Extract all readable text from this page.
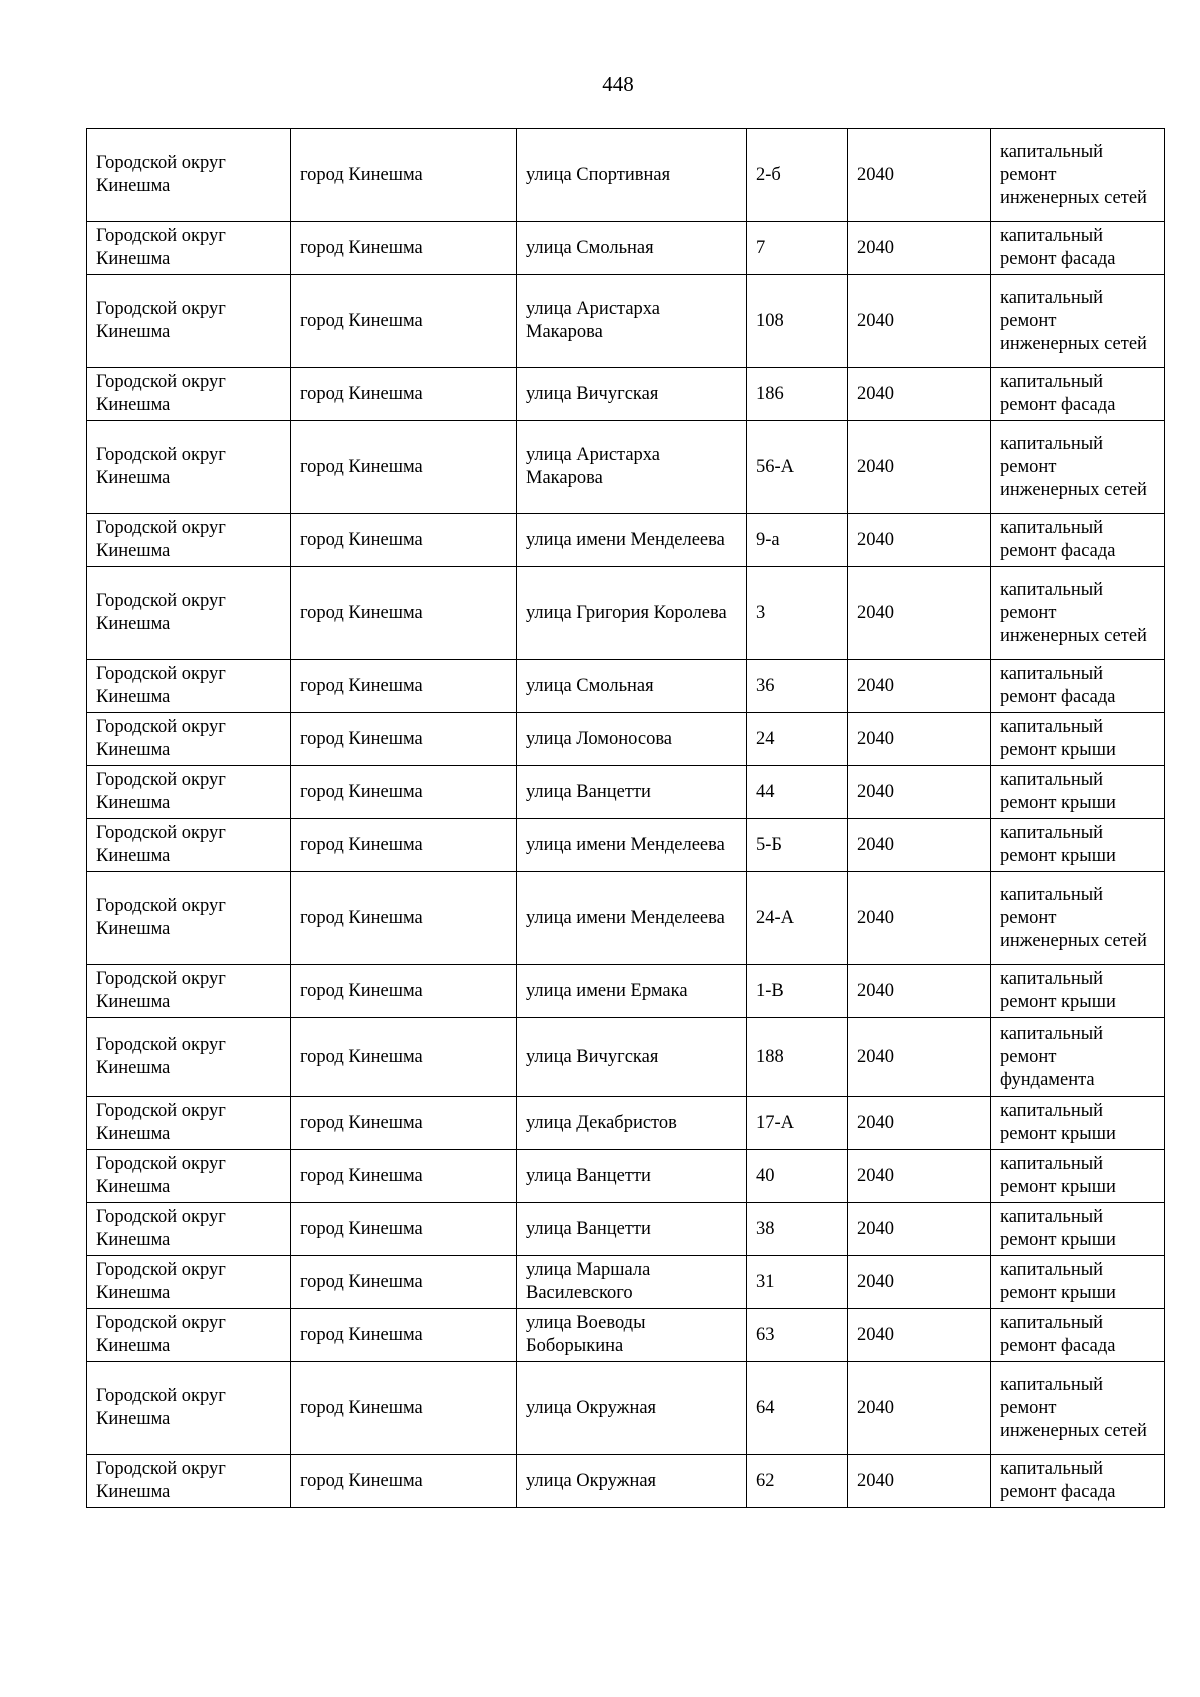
448
Городской округ Кинешма	город Кинешма	улица Спортивная	2-б	2040	капитальный ремонт инженерных сетей
Городской округ Кинешма	город Кинешма	улица Смольная	7	2040	капитальный ремонт фасада
Городской округ Кинешма	город Кинешма	улица Аристарха Макарова	108	2040	капитальный ремонт инженерных сетей
Городской округ Кинешма	город Кинешма	улица Вичугская	186	2040	капитальный ремонт фасада
Городской округ Кинешма	город Кинешма	улица Аристарха Макарова	56-А	2040	капитальный ремонт инженерных сетей
Городской округ Кинешма	город Кинешма	улица имени Менделеева	9-а	2040	капитальный ремонт фасада
Городской округ Кинешма	город Кинешма	улица Григория Королева	3	2040	капитальный ремонт инженерных сетей
Городской округ Кинешма	город Кинешма	улица Смольная	36	2040	капитальный ремонт фасада
Городской округ Кинешма	город Кинешма	улица Ломоносова	24	2040	капитальный ремонт крыши
Городской округ Кинешма	город Кинешма	улица Ванцетти	44	2040	капитальный ремонт крыши
Городской округ Кинешма	город Кинешма	улица имени Менделеева	5-Б	2040	капитальный ремонт крыши
Городской округ Кинешма	город Кинешма	улица имени Менделеева	24-А	2040	капитальный ремонт инженерных сетей
Городской округ Кинешма	город Кинешма	улица имени Ермака	1-В	2040	капитальный ремонт крыши
Городской округ Кинешма	город Кинешма	улица Вичугская	188	2040	капитальный ремонт фундамента
Городской округ Кинешма	город Кинешма	улица Декабристов	17-А	2040	капитальный ремонт крыши
Городской округ Кинешма	город Кинешма	улица Ванцетти	40	2040	капитальный ремонт крыши
Городской округ Кинешма	город Кинешма	улица Ванцетти	38	2040	капитальный ремонт крыши
Городской округ Кинешма	город Кинешма	улица Маршала Василевского	31	2040	капитальный ремонт крыши
Городской округ Кинешма	город Кинешма	улица Воеводы Боборыкина	63	2040	капитальный ремонт фасада
Городской округ Кинешма	город Кинешма	улица Окружная	64	2040	капитальный ремонт инженерных сетей
Городской округ Кинешма	город Кинешма	улица Окружная	62	2040	капитальный ремонт фасада
